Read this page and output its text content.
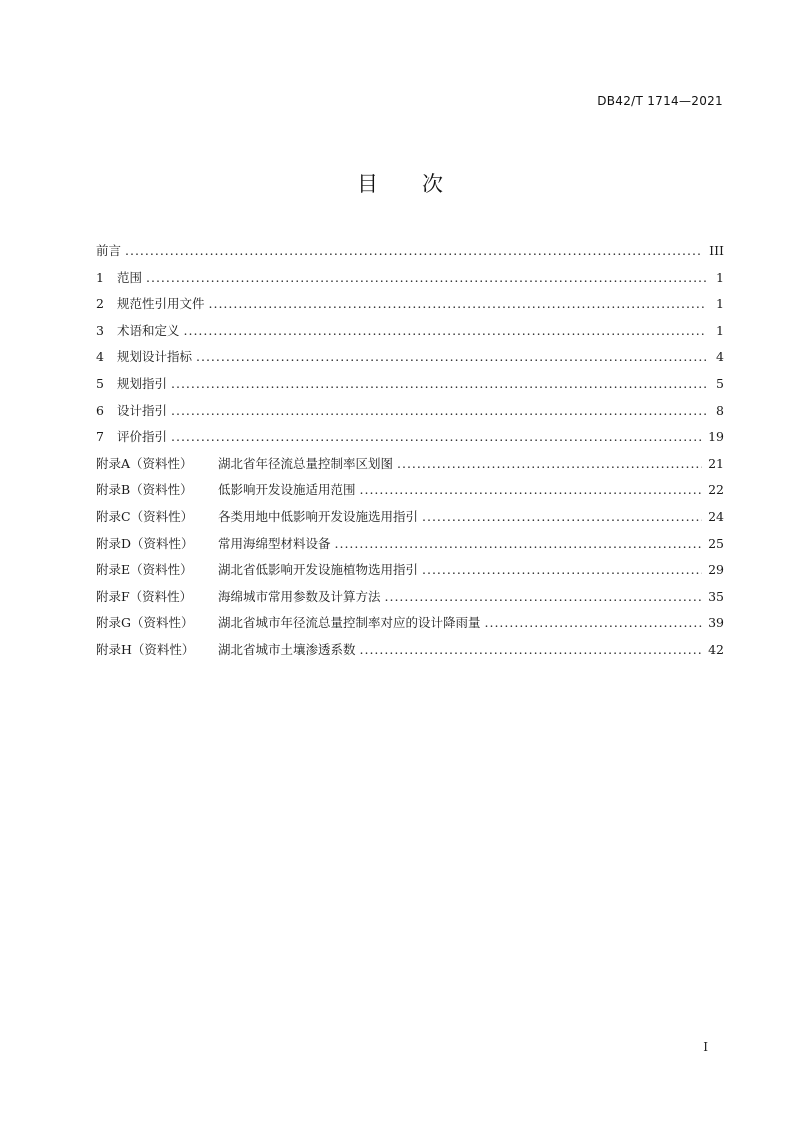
DB42/T 1714—2021
目 次
前言 .....	III
1 范围 .....	1
2 规范性引用文件 .....	1
3 术语和定义 .....	1
4 规划设计指标 .....	4
5 规划指引 .....	5
6 设计指引 .....	8
7 评价指引 .....	19
附录A（资料性） 湖北省年径流总量控制率区划图 .....	21
附录B（资料性） 低影响开发设施适用范围 .....	22
附录C（资料性） 各类用地中低影响开发设施选用指引 .....	24
附录D（资料性） 常用海绵型材料设备 .....	25
附录E（资料性） 湖北省低影响开发设施植物选用指引 .....	29
附录F（资料性） 海绵城市常用参数及计算方法 .....	35
附录G（资料性） 湖北省城市年径流总量控制率对应的设计降雨量 .....	39
附录H（资料性） 湖北省城市土壤渗透系数 .....	42
I
